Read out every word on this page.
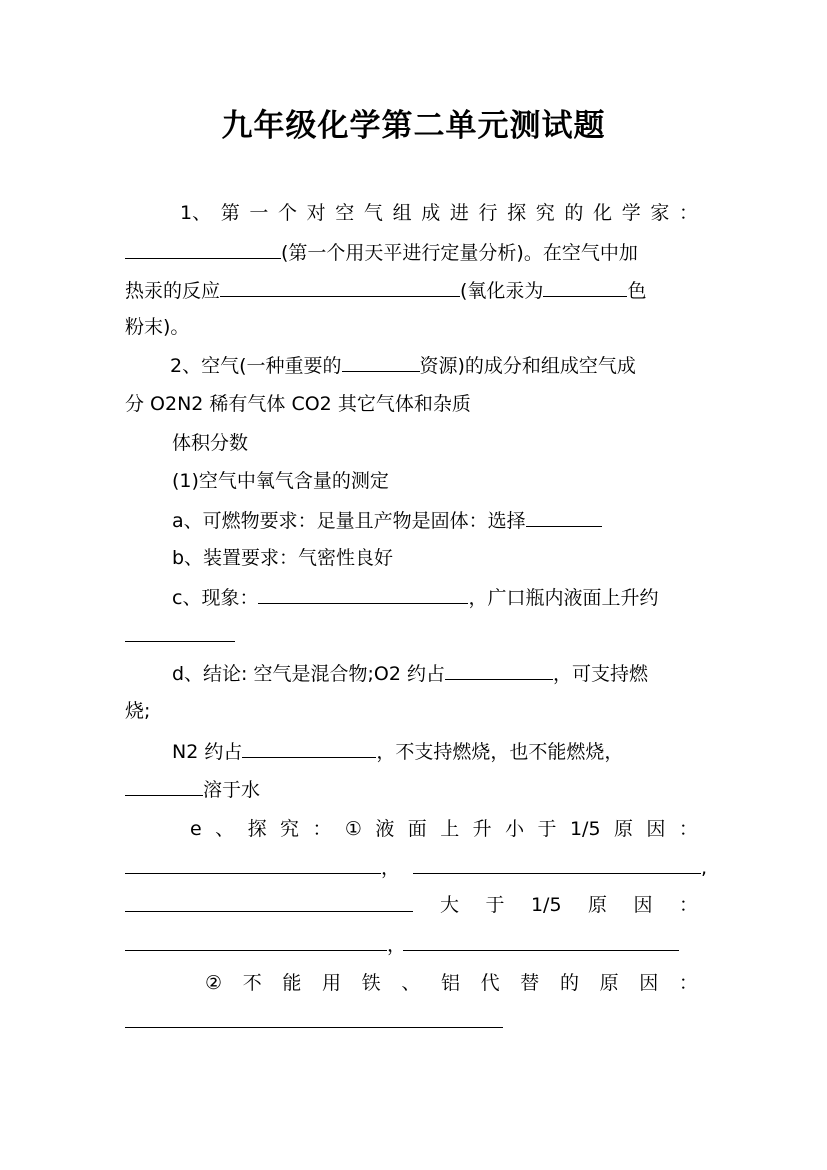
九年级化学第二单元测试题
1、 第 一 个 对 空 气 组 成 进 行 探 究 的 化 学 家 ：
(第一个用天平进行定量分析)。在空气中加
热汞的反应	(氧化汞为	色
粉末)。
2、空气(一种重要的	资源)的成分和组成空气成
分 O2N2 稀有气体 CO2 其它气体和杂质
体积分数
(1)空气中氧气含量的测定
a、可燃物要求：足量且产物是固体：选择
b、装置要求：气密性良好
c、现象：	，广口瓶内液面上升约
d、结论: 空气是混合物;O2 约占	，可支持燃
烧;
N2 约占	，不支持燃烧，也不能燃烧，
溶于水
e 、 探 究 ： ① 液 面 上 升 小 于 1/5 原 因 ：
，	,
大 于 1/5 原 因 ：
，
② 不 能 用 铁 、 铝 代 替 的 原 因 ：
